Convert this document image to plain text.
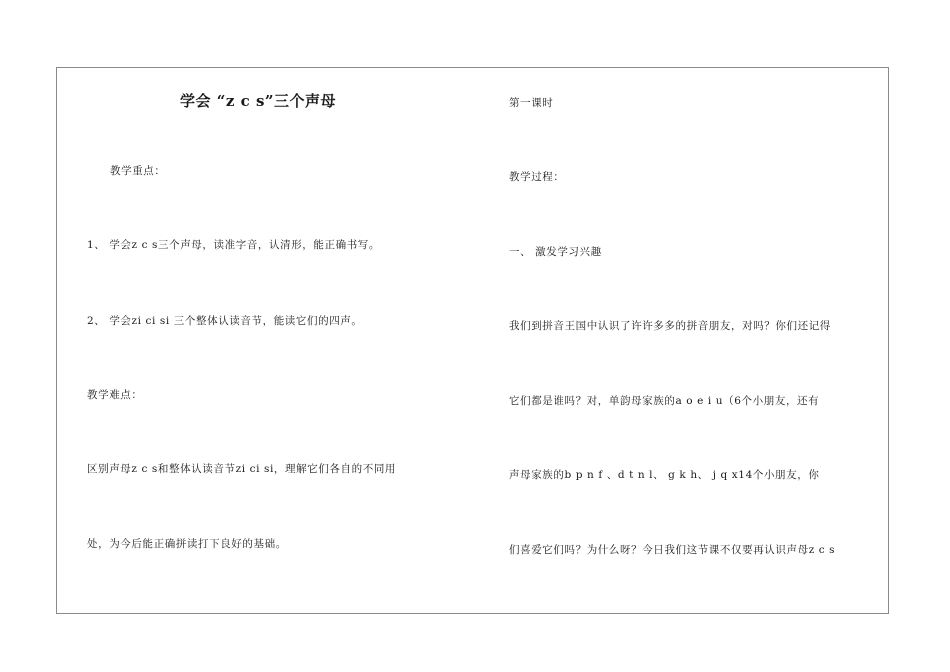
学会 “z c s”三个声母
教学重点：
1、 学会z c s三个声母，读准字音，认清形，能正确书写。
2、 学会zi ci si 三个整体认读音节，能读它们的四声。
教学难点：
区别声母z c s和整体认读音节zi ci si，理解它们各自的不同用
处，为今后能正确拼读打下良好的基础。
第一课时
教学过程：
一、 激发学习兴趣
我们到拼音王国中认识了许许多多的拼音朋友，对吗？你们还记得
它们都是谁吗？对，单韵母家族的a o e i u（6个小朋友，还有
声母家族的b p n f 、d t n l、 g k h、 j q x14个小朋友，你
们喜爱它们吗？为什么呀？今日我们这节课不仅要再认识声母z c s
